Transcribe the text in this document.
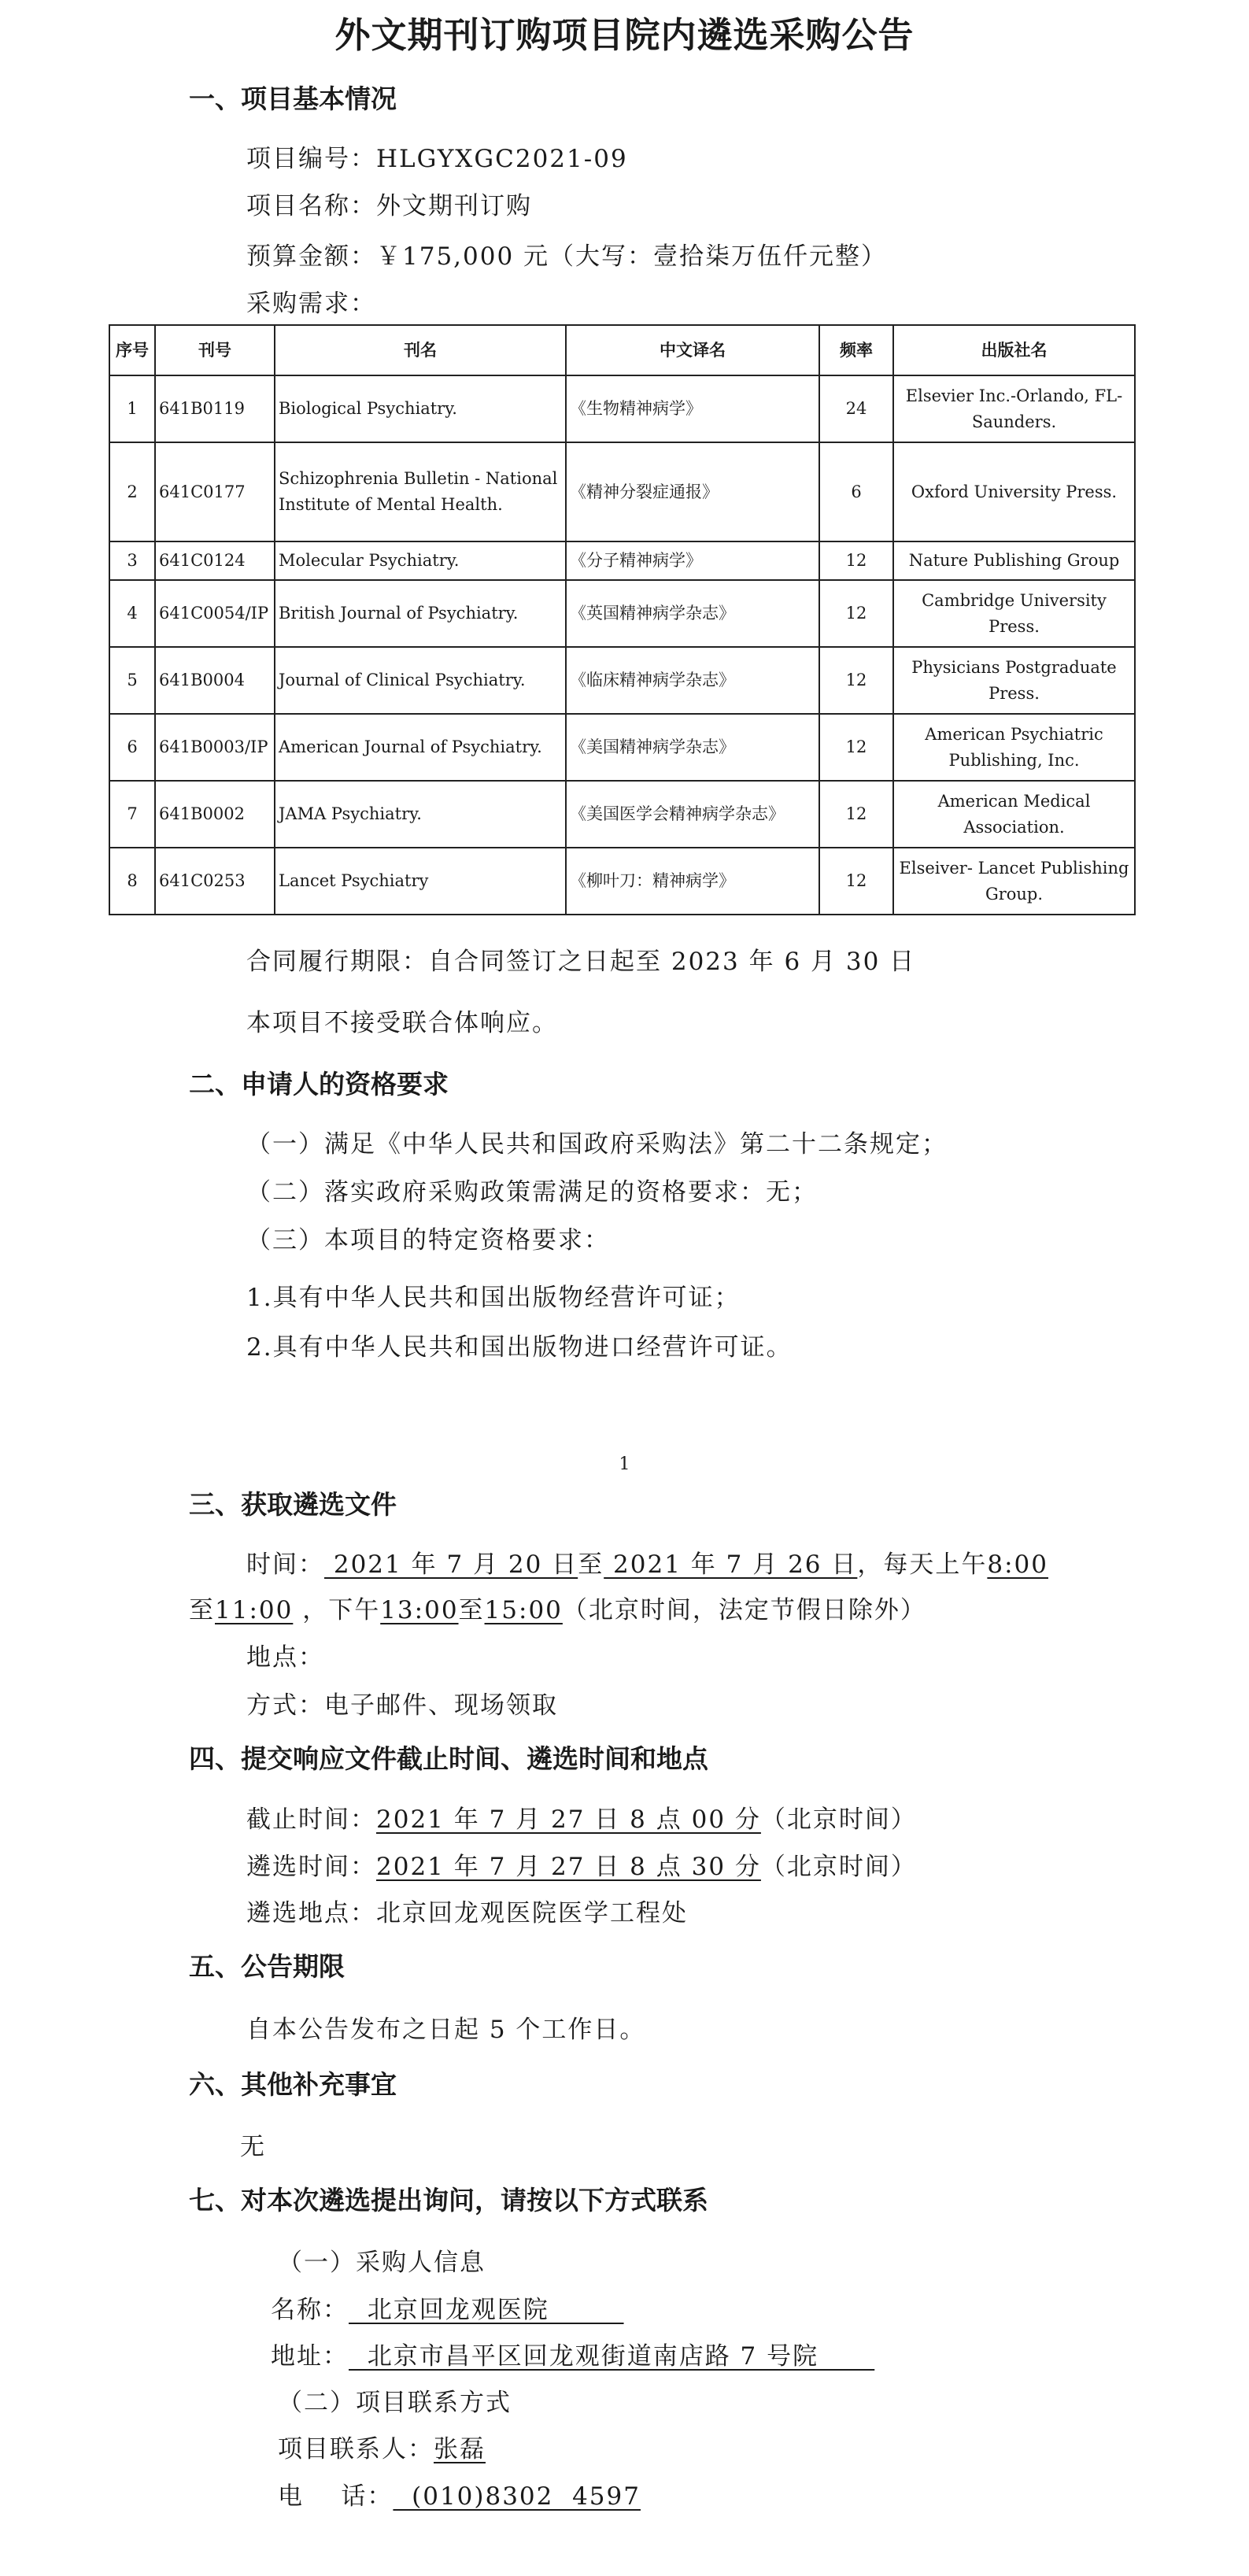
外文期刊订购项目院内遴选采购公告
一、项目基本情况
项目编号：HLGYXGC2021-09
项目名称：外文期刊订购
预算金额：￥175,000 元（大写：壹拾柒万伍仟元整）
采购需求：
序号	刊号	刊名	中文译名	频率	出版社名
1	641B0119	Biological Psychiatry.	《生物精神病学》	24	Elsevier Inc.-Orlando, FL-Saunders.
2	641C0177	Schizophrenia Bulletin - National Institute of Mental Health.	《精神分裂症通报》	6	Oxford University Press.
3	641C0124	Molecular Psychiatry.	《分子精神病学》	12	Nature Publishing Group
4	641C0054/IP	British Journal of Psychiatry.	《英国精神病学杂志》	12	Cambridge University Press.
5	641B0004	Journal of Clinical Psychiatry.	《临床精神病学杂志》	12	Physicians Postgraduate Press.
6	641B0003/IP	American Journal of Psychiatry.	《美国精神病学杂志》	12	American Psychiatric Publishing, Inc.
7	641B0002	JAMA Psychiatry.	《美国医学会精神病学杂志》	12	American Medical Association.
8	641C0253	Lancet Psychiatry	《柳叶刀：精神病学》	12	Elseiver- Lancet Publishing Group.
合同履行期限：自合同签订之日起至 2023 年 6 月 30 日
本项目不接受联合体响应。
二、申请人的资格要求
（一）满足《中华人民共和国政府采购法》第二十二条规定；
（二）落实政府采购政策需满足的资格要求：无；
（三）本项目的特定资格要求：
1.具有中华人民共和国出版物经营许可证；
2.具有中华人民共和国出版物进口经营许可证。
1
三、获取遴选文件
时间： 2021 年 7 月 20 日至 2021 年 7 月 26 日，每天上午8:00
至11:00 ，下午13:00至15:00（北京时间，法定节假日除外）
地点：
方式：电子邮件、现场领取
四、提交响应文件截止时间、遴选时间和地点
截止时间：2021 年 7 月 27 日 8 点 00 分（北京时间）
遴选时间：2021 年 7 月 27 日 8 点 30 分（北京时间）
遴选地点：北京回龙观医院医学工程处
五、公告期限
自本公告发布之日起 5 个工作日。
六、其他补充事宜
无
七、对本次遴选提出询问，请按以下方式联系
（一）采购人信息
名称：  北京回龙观医院
地址：  北京市昌平区回龙观街道南店路 7 号院
（二）项目联系方式
项目联系人：张磊
电    话：  (010)8302  4597
